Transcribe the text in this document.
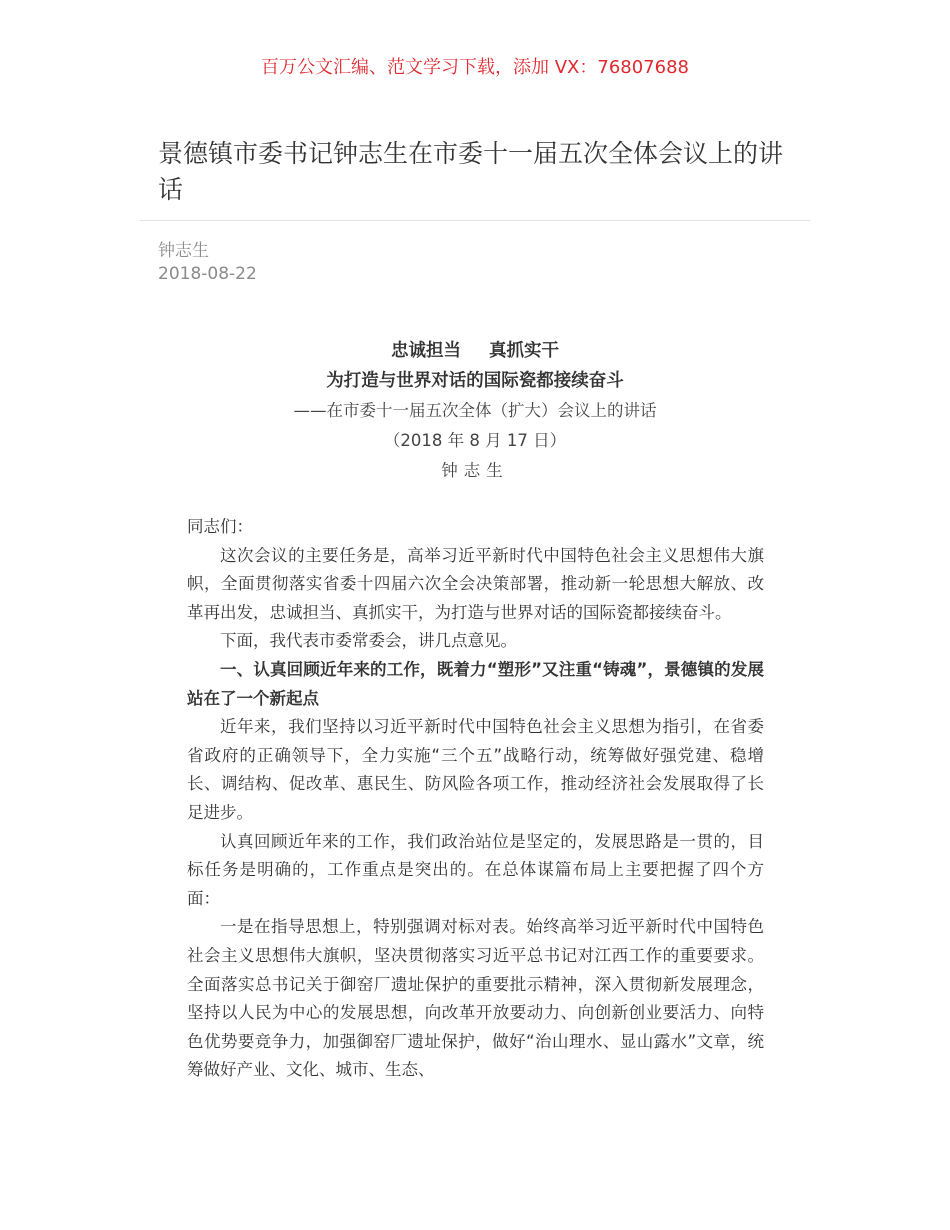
百万公文汇编、范文学习下载，添加 VX：76807688
景德镇市委书记钟志生在市委十一届五次全体会议上的讲话
钟志生
2018-08-22
忠诚担当 真抓实干
为打造与世界对话的国际瓷都接续奋斗
——在市委十一届五次全体（扩大）会议上的讲话
（2018 年 8 月 17 日）
钟志生

同志们：

这次会议的主要任务是，高举习近平新时代中国特色社会主义思想伟大旗帜，全面贯彻落实省委十四届六次全会决策部署，推动新一轮思想大解放、改革再出发，忠诚担当、真抓实干，为打造与世界对话的国际瓷都接续奋斗。

下面，我代表市委常委会，讲几点意见。

一、认真回顾近年来的工作，既着力“塑形”又注重“铸魂”，景德镇的发展站在了一个新起点

近年来，我们坚持以习近平新时代中国特色社会主义思想为指引，在省委省政府的正确领导下，全力实施“三个五”战略行动，统筹做好强党建、稳增长、调结构、促改革、惠民生、防风险各项工作，推动经济社会发展取得了长足进步。

认真回顾近年来的工作，我们政治站位是坚定的，发展思路是一贯的，目标任务是明确的，工作重点是突出的。在总体谋篇布局上主要把握了四个方面：

一是在指导思想上，特别强调对标对表。始终高举习近平新时代中国特色社会主义思想伟大旗帜，坚决贯彻落实习近平总书记对江西工作的重要要求。全面落实总书记关于御窑厂遗址保护的重要批示精神，深入贯彻新发展理念，坚持以人民为中心的发展思想，向改革开放要动力、向创新创业要活力、向特色优势要竞争力，加强御窑厂遗址保护，做好“治山理水、显山露水”文章，统筹做好产业、文化、城市、生态、
